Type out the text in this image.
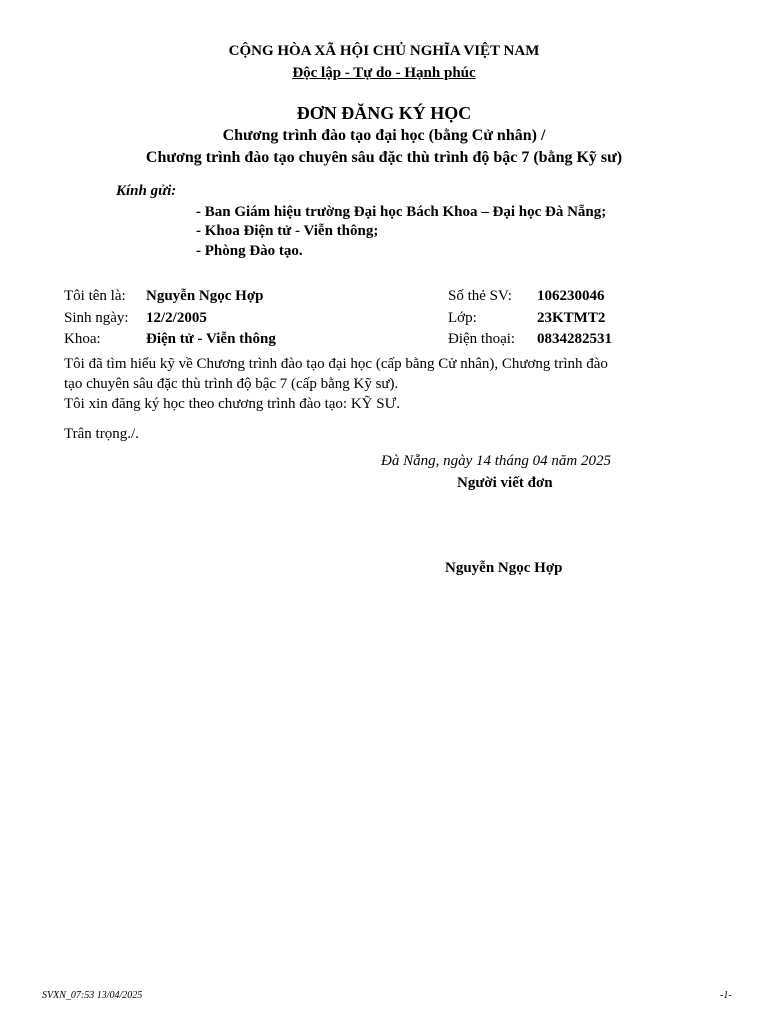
CỘNG HÒA XÃ HỘI CHỦ NGHĨA VIỆT NAM
Độc lập - Tự do - Hạnh phúc
ĐƠN ĐĂNG KÝ HỌC
Chương trình đào tạo đại học (bằng Cử nhân) /
Chương trình đào tạo chuyên sâu đặc thù trình độ bậc 7 (bằng Kỹ sư)
Kính gửi:
- Ban Giám hiệu trường Đại học Bách Khoa – Đại học Đà Nẵng;
- Khoa Điện tử - Viễn thông;
- Phòng Đào tạo.
Tôi tên là: Nguyễn Ngọc Hợp	Số thẻ SV: 106230046
Sinh ngày: 12/2/2005	Lớp:	23KTMT2
Khoa:	Điện tử - Viễn thông	Điện thoại: 0834282531
Tôi đã tìm hiểu kỹ về Chương trình đào tạo đại học (cấp bằng Cử nhân), Chương trình đào
tạo chuyên sâu đặc thù trình độ bậc 7 (cấp bằng Kỹ sư).
Tôi xin đăng ký học theo chương trình đào tạo: KỸ SƯ.
Trân trọng./.
Đà Nẵng, ngày 14 tháng 04 năm 2025
Người viết đơn
Nguyễn Ngọc Hợp
SVXN_07:53 13/04/2025	-1-
